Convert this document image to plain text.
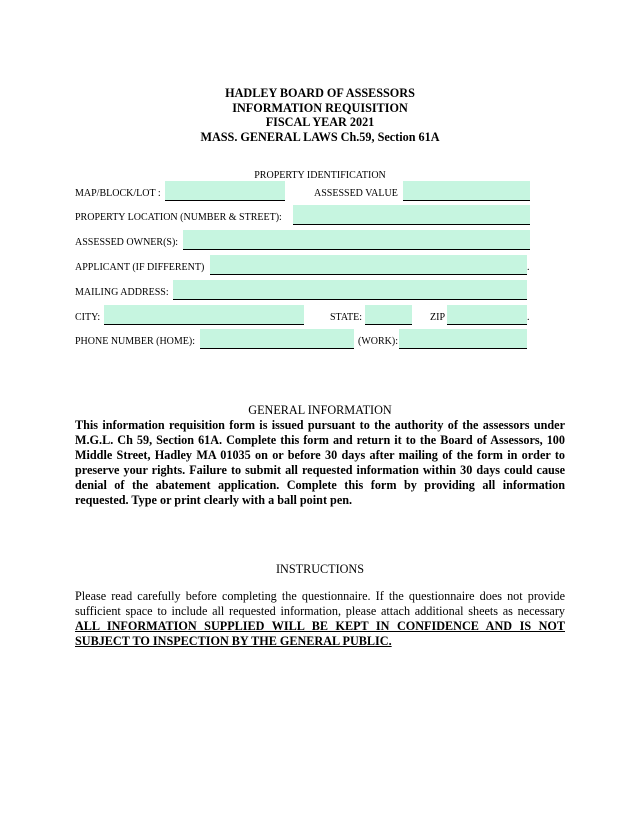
HADLEY BOARD OF ASSESSORS
INFORMATION REQUISITION
FISCAL YEAR 2021
MASS. GENERAL LAWS Ch.59, Section 61A
PROPERTY IDENTIFICATION
MAP/BLOCK/LOT :	ASSESSED VALUE
PROPERTY LOCATION (NUMBER & STREET):
ASSESSED OWNER(S):
APPLICANT (IF DIFFERENT)	.
MAILING ADDRESS:
CITY:	STATE:	ZIP	.
PHONE NUMBER (HOME):	(WORK):
GENERAL INFORMATION
This information requisition form is issued pursuant to the authority of the assessors under M.G.L. Ch 59, Section 61A. Complete this form and return it to the Board of Assessors, 100 Middle Street, Hadley MA 01035 on or before 30 days after mailing of the form in order to preserve your rights. Failure to submit all requested information within 30 days could cause denial of the abatement application. Complete this form by providing all information requested. Type or print clearly with a ball point pen.
INSTRUCTIONS
Please read carefully before completing the questionnaire. If the questionnaire does not provide sufficient space to include all requested information, please attach additional sheets as necessary ALL INFORMATION SUPPLIED WILL BE KEPT IN CONFIDENCE AND IS NOT SUBJECT TO INSPECTION BY THE GENERAL PUBLIC.
